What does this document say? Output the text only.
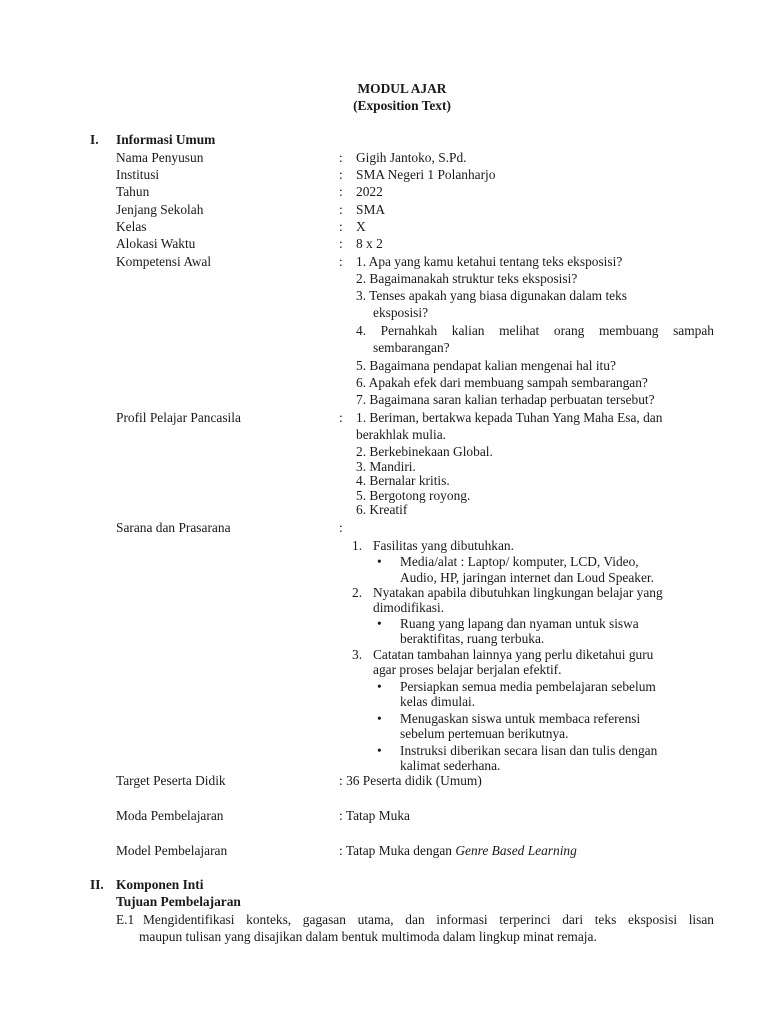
MODUL AJAR
(Exposition Text)
I. Informasi Umum
Nama Penyusun	: Gigih Jantoko, S.Pd.
Institusi	: SMA Negeri 1 Polanharjo
Tahun	: 2022
Jenjang Sekolah	: SMA
Kelas	: X
Alokasi Waktu	: 8 x 2
Kompetensi Awal	: 1. Apa yang kamu ketahui tentang teks eksposisi?
2. Bagaimanakah struktur teks eksposisi?
3. Tenses apakah yang biasa digunakan dalam teks
eksposisi?
4. Pernahkah kalian melihat orang membuang sampah
sembarangan?
5. Bagaimana pendapat kalian mengenai hal itu?
6. Apakah efek dari membuang sampah sembarangan?
7. Bagaimana saran kalian terhadap perbuatan tersebut?
Profil Pelajar Pancasila	: 1. Beriman, bertakwa kepada Tuhan Yang Maha Esa, dan
berakhlak mulia.
2. Berkebinekaan Global.
3. Mandiri.
4. Bernalar kritis.
5. Bergotong royong.
6. Kreatif
Sarana dan Prasarana	:
1. Fasilitas yang dibutuhkan.
• Media/alat : Laptop/ komputer, LCD, Video,
Audio, HP, jaringan internet dan Loud Speaker.
2. Nyatakan apabila dibutuhkan lingkungan belajar yang
dimodifikasi.
• Ruang yang lapang dan nyaman untuk siswa
beraktifitas, ruang terbuka.
3. Catatan tambahan lainnya yang perlu diketahui guru
agar proses belajar berjalan efektif.
• Persiapkan semua media pembelajaran sebelum
kelas dimulai.
• Menugaskan siswa untuk membaca referensi
sebelum pertemuan berikutnya.
• Instruksi diberikan secara lisan dan tulis dengan
kalimat sederhana.
Target Peserta Didik	: 36 Peserta didik (Umum)
Moda Pembelajaran	: Tatap Muka
Model Pembelajaran	: Tatap Muka dengan Genre Based Learning
II. Komponen Inti
Tujuan Pembelajaran
E.1 Mengidentifikasi konteks, gagasan utama, dan informasi terperinci dari teks eksposisi lisan
maupun tulisan yang disajikan dalam bentuk multimoda dalam lingkup minat remaja.
